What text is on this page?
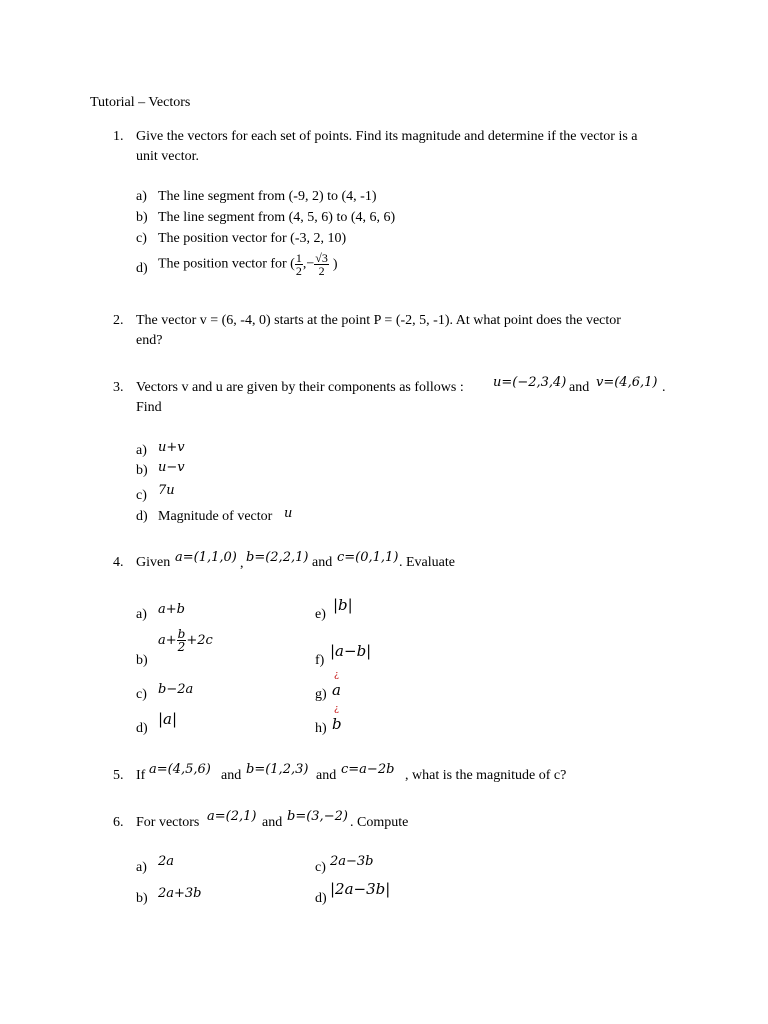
Tutorial – Vectors
1. Give the vectors for each set of points. Find its magnitude and determine if the vector is a
unit vector.
a) The line segment from (-9, 2) to (4, -1)
b) The line segment from (4, 5, 6) to (4, 6, 6)
c) The position vector for (-3, 2, 10)
d) The position vector for ( $\frac{1}{2}$ ,− $\frac{√3}{2}$ )
2. The vector v = (6, -4, 0) starts at the point P = (-2, 5, -1). At what point does the vector
end?
3. Vectors v and u are given by their components as follows : u=(−2,3,4) and v=(4,6,1) .
Find
a) u+v
b) u−v
c) 7u
d) Magnitude of vector u
4. Given a=(1,1,0) , b=(2,2,1) and c=(0,1,1) . Evaluate
a) a+b
b)
$a+ \frac{b}{2} +2c$
c) b−2a
d)
|a|
e)
|b|
f)
|a−b|
g)
¿
a
h)
¿
b
5. If a=(4,5,6) and b=(1,2,3) and c=a−2b , what is the magnitude of c?
6. For vectors a=(2,1) and b=(3,−2) . Compute
a) 2a
b) 2a+3b
c) 2a−3b
d)
|2a−3b|
